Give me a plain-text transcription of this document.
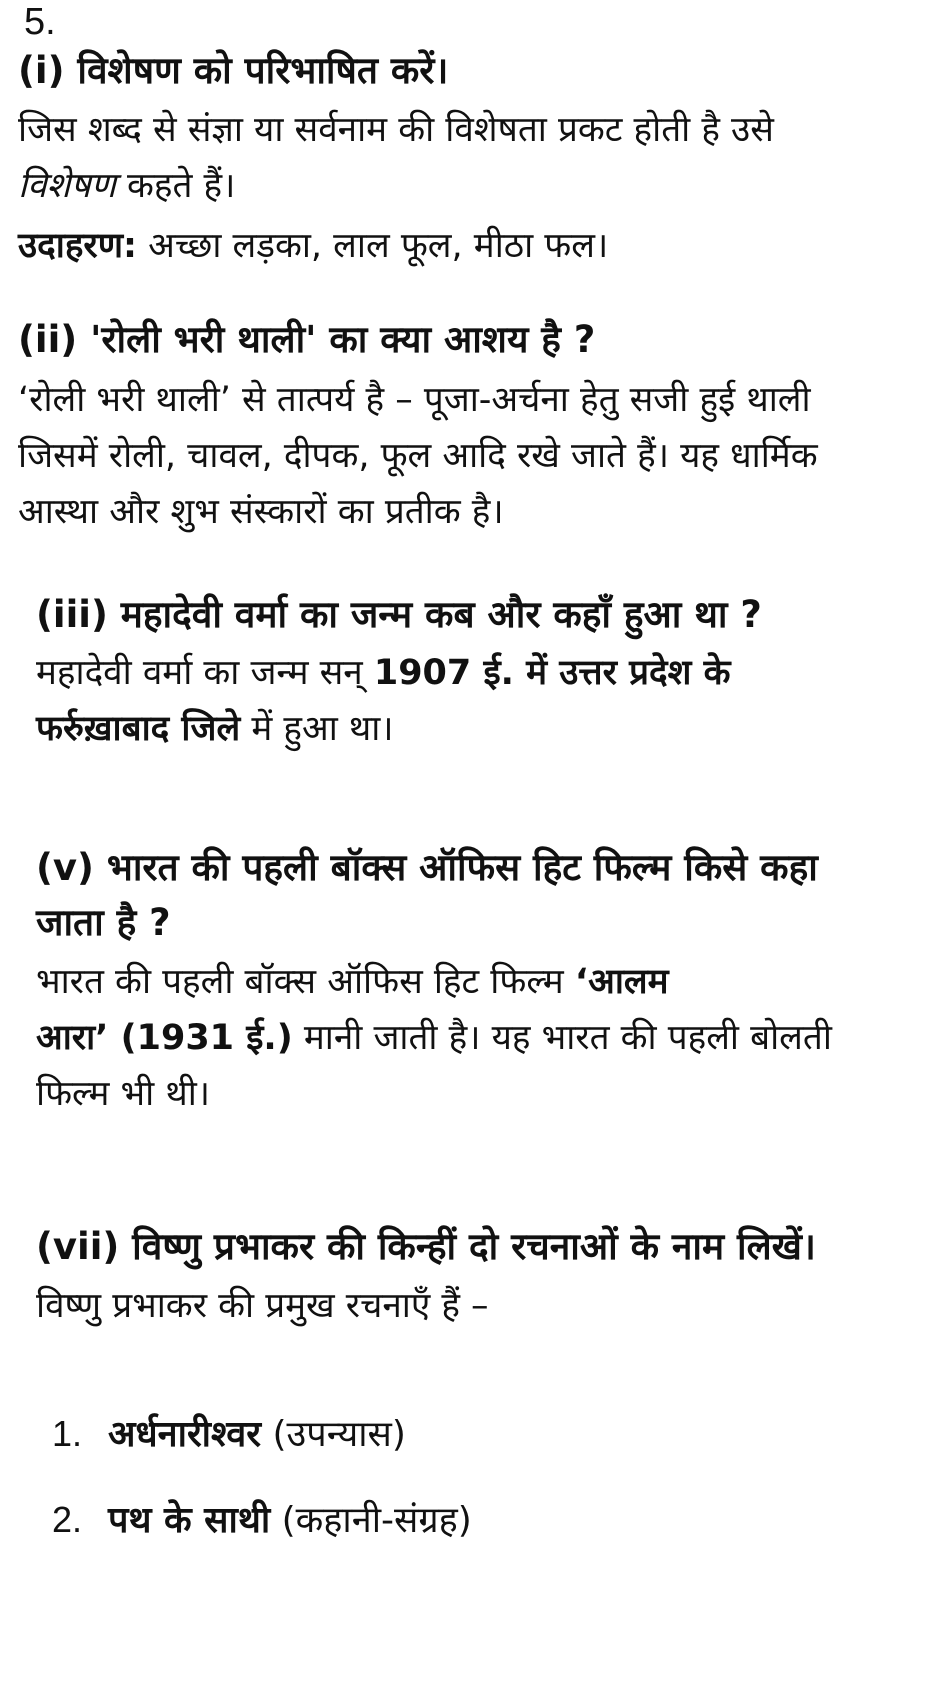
5.
(i) विशेषण को परिभाषित करें।
जिस शब्द से संज्ञा या सर्वनाम की विशेषता प्रकट होती है उसे
विशेषण कहते हैं।
उदाहरण: अच्छा लड़का, लाल फूल, मीठा फल।
(ii) 'रोली भरी थाली' का क्या आशय है ?
‘रोली भरी थाली’ से तात्पर्य है – पूजा-अर्चना हेतु सजी हुई थाली
जिसमें रोली, चावल, दीपक, फूल आदि रखे जाते हैं। यह धार्मिक
आस्था और शुभ संस्कारों का प्रतीक है।
(iii) महादेवी वर्मा का जन्म कब और कहाँ हुआ था ?
महादेवी वर्मा का जन्म सन् 1907 ई. में उत्तर प्रदेश के
फर्रुख़ाबाद जिले में हुआ था।
(v) भारत की पहली बॉक्स ऑफिस हिट फिल्म किसे कहा
जाता है ?
भारत की पहली बॉक्स ऑफिस हिट फिल्म ‘आलम
आरा’ (1931 ई.) मानी जाती है। यह भारत की पहली बोलती
फिल्म भी थी।
(vii) विष्णु प्रभाकर की किन्हीं दो रचनाओं के नाम लिखें।
विष्णु प्रभाकर की प्रमुख रचनाएँ हैं –
1. अर्धनारीश्वर (उपन्यास)
2. पथ के साथी (कहानी-संग्रह)
